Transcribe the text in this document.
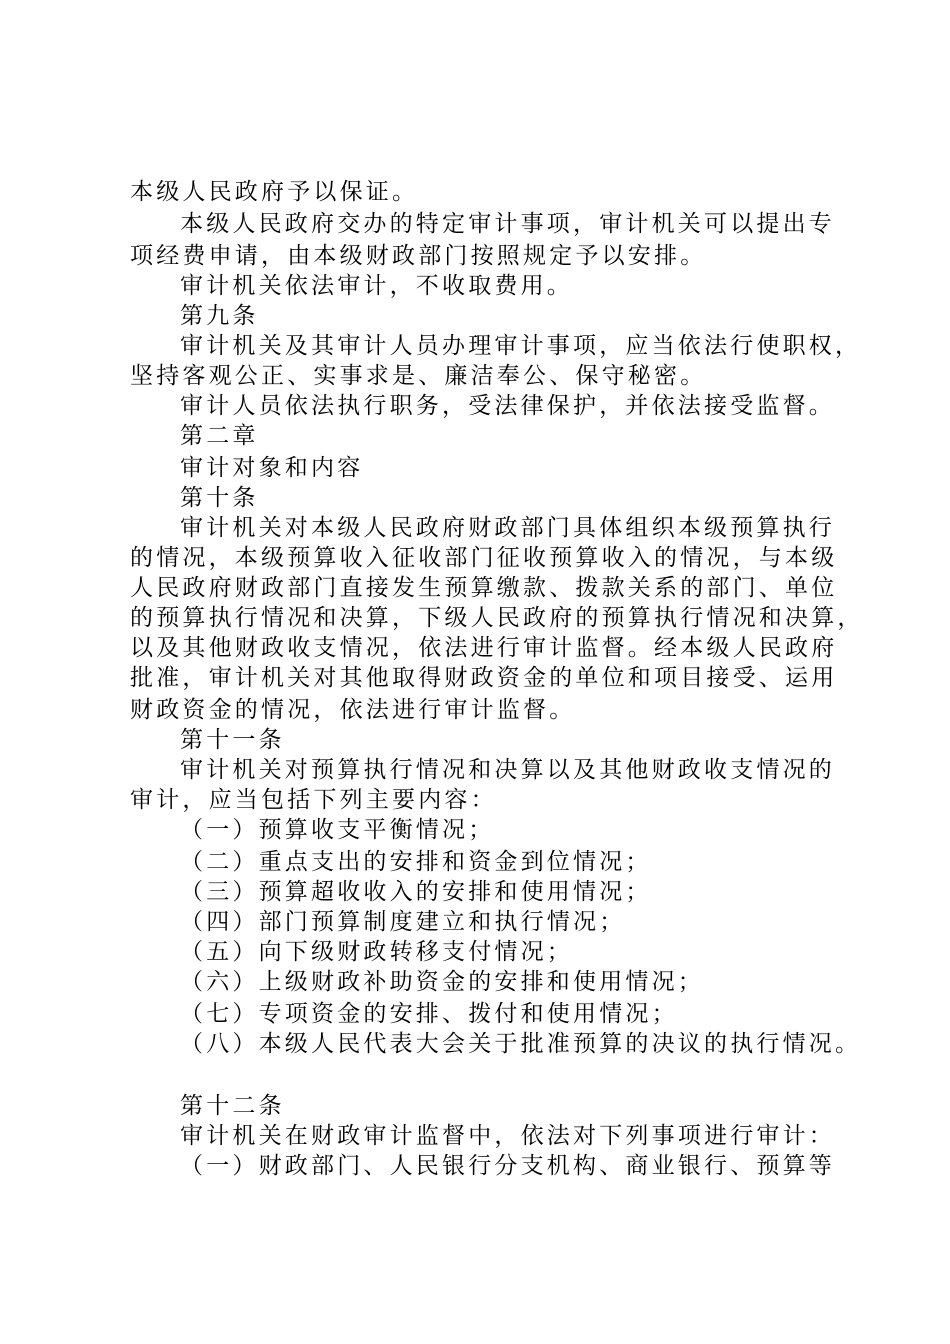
本级人民政府予以保证。
本级人民政府交办的特定审计事项，审计机关可以提出专
项经费申请，由本级财政部门按照规定予以安排。
审计机关依法审计，不收取费用。
第九条
审计机关及其审计人员办理审计事项，应当依法行使职权，
坚持客观公正、实事求是、廉洁奉公、保守秘密。
审计人员依法执行职务，受法律保护，并依法接受监督。
第二章
审计对象和内容
第十条
审计机关对本级人民政府财政部门具体组织本级预算执行
的情况，本级预算收入征收部门征收预算收入的情况，与本级
人民政府财政部门直接发生预算缴款、拨款关系的部门、单位
的预算执行情况和决算，下级人民政府的预算执行情况和决算，
以及其他财政收支情况，依法进行审计监督。经本级人民政府
批准，审计机关对其他取得财政资金的单位和项目接受、运用
财政资金的情况，依法进行审计监督。
第十一条
审计机关对预算执行情况和决算以及其他财政收支情况的
审计，应当包括下列主要内容：
（一）预算收支平衡情况；
（二）重点支出的安排和资金到位情况；
（三）预算超收收入的安排和使用情况；
（四）部门预算制度建立和执行情况；
（五）向下级财政转移支付情况；
（六）上级财政补助资金的安排和使用情况；
（七）专项资金的安排、拨付和使用情况；
（八）本级人民代表大会关于批准预算的决议的执行情况。
第十二条
审计机关在财政审计监督中，依法对下列事项进行审计：
（一）财政部门、人民银行分支机构、商业银行、预算等
